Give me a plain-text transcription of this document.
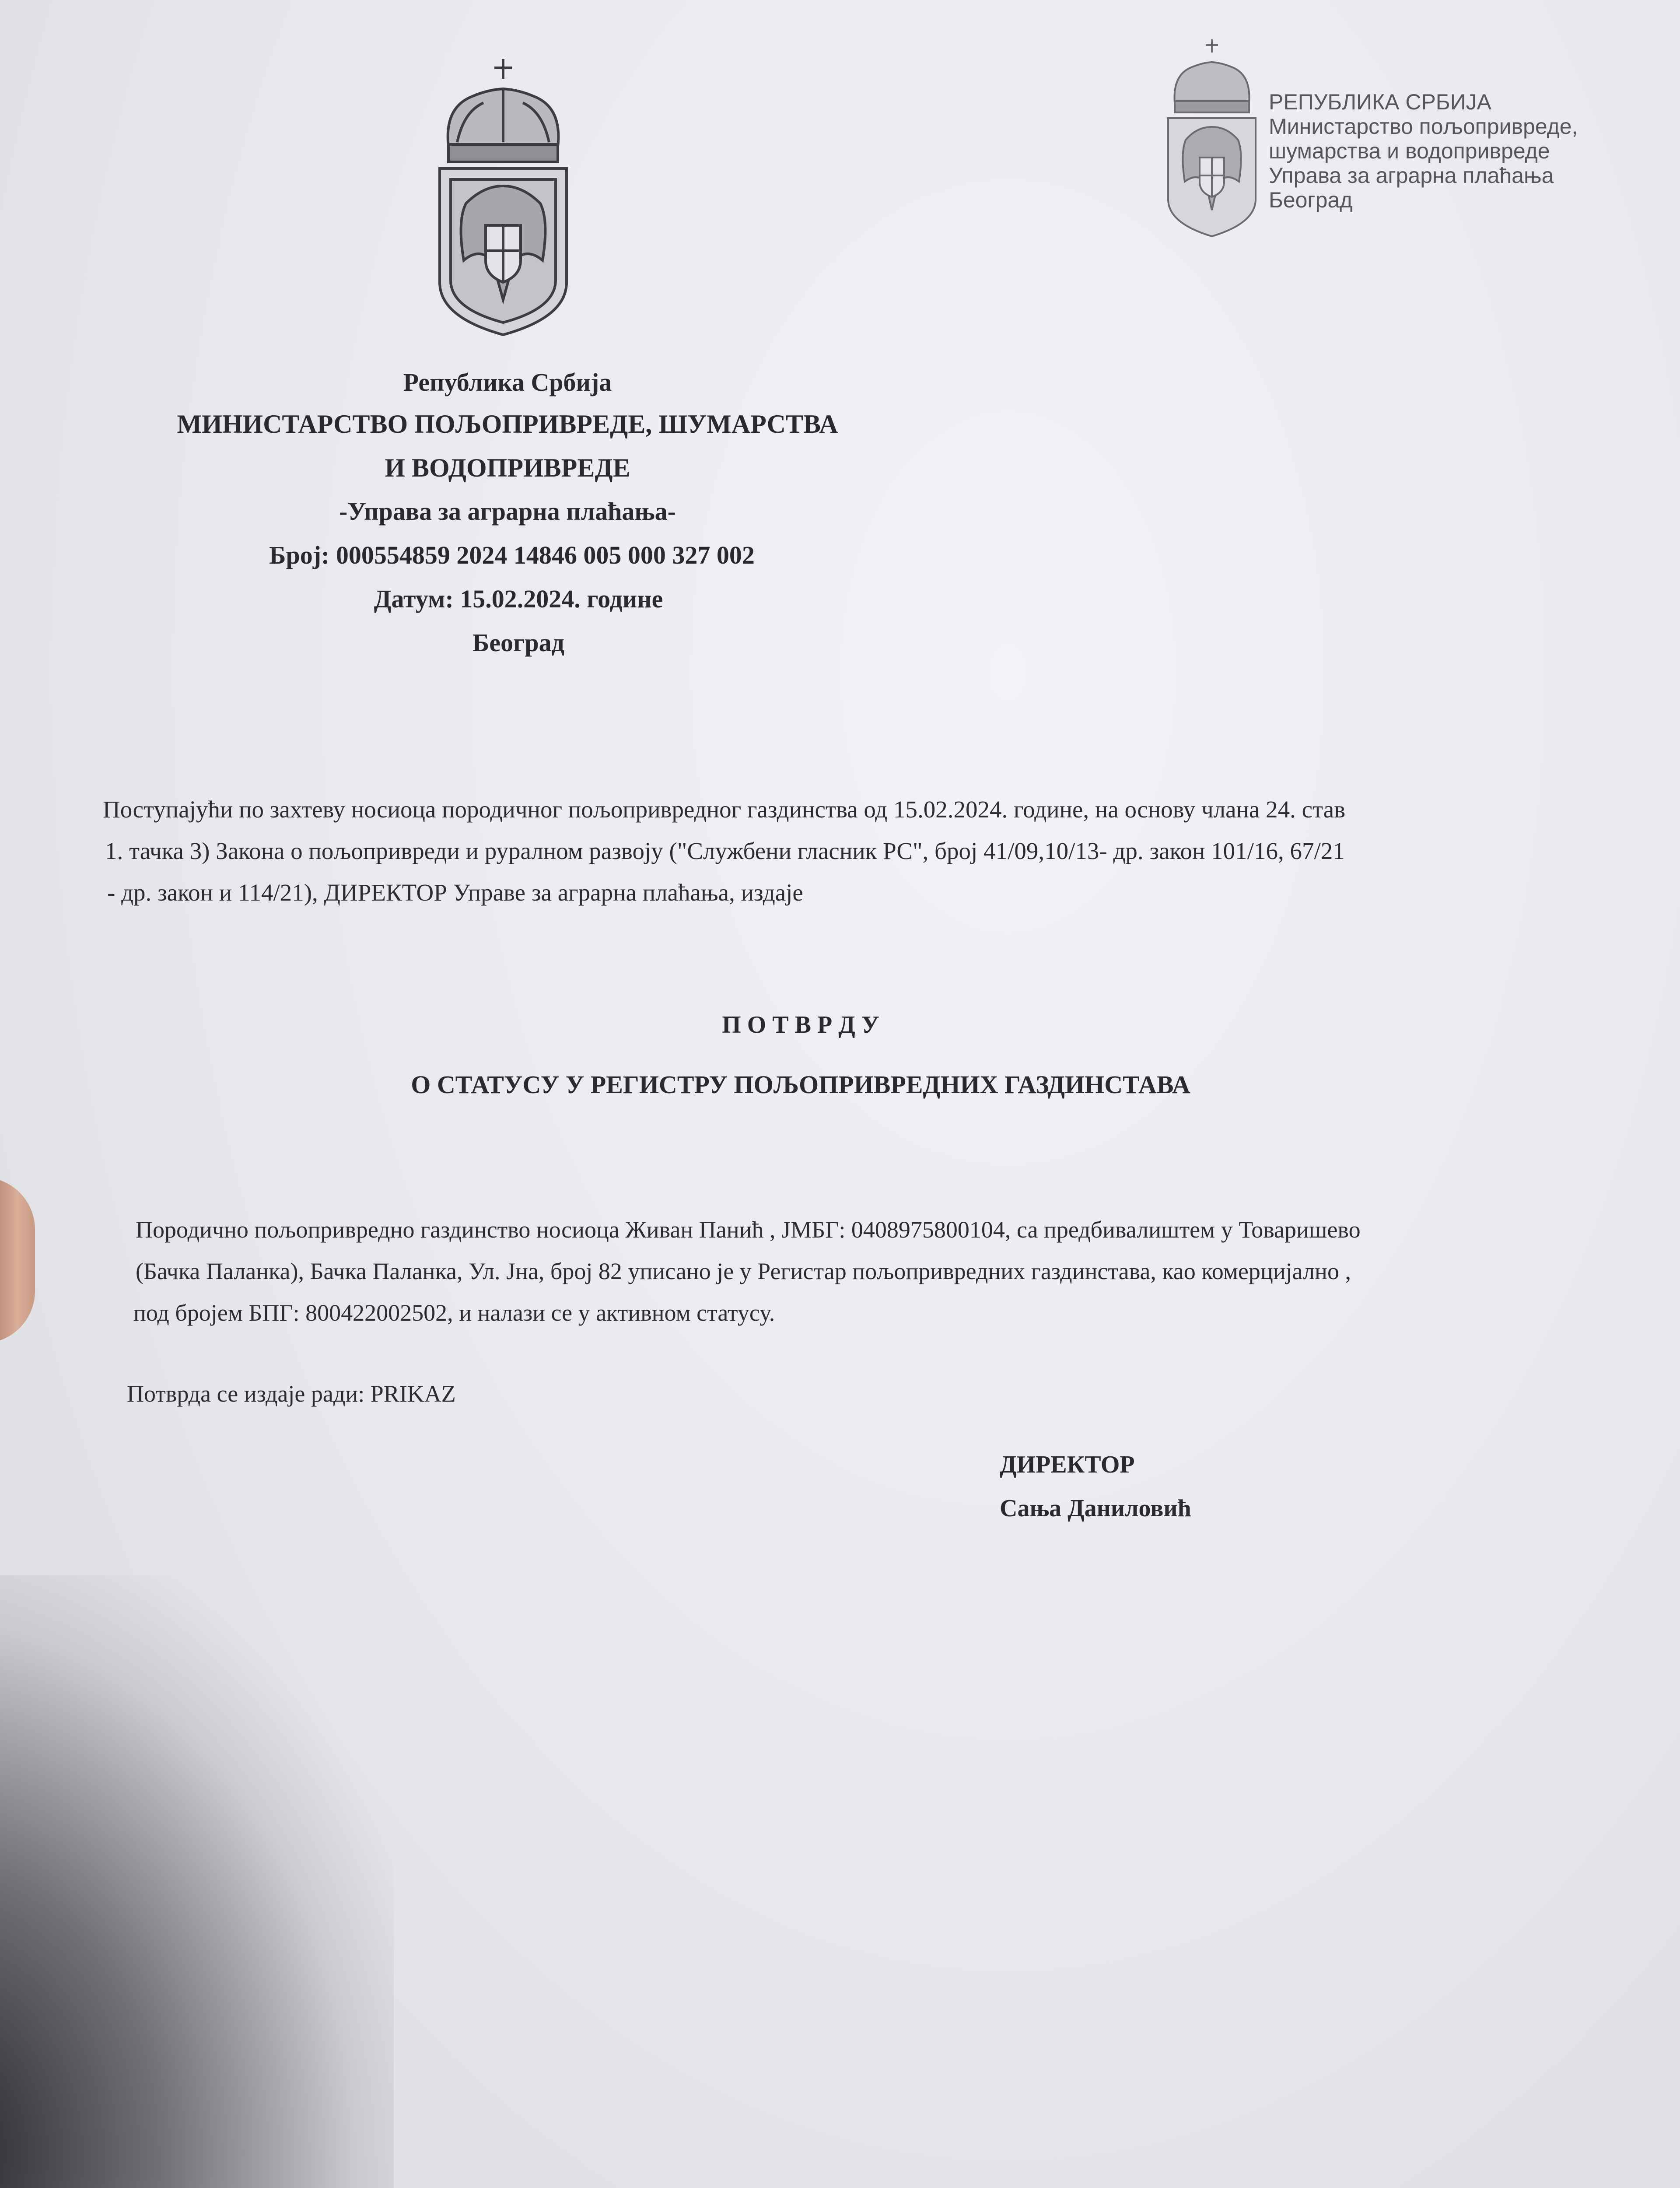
Република Србија
МИНИСТАРСТВО ПОЉОПРИВРЕДЕ, ШУМАРСТВА
И ВОДОПРИВРЕДЕ
-Управа за аграрна плаћања-
Број: 000554859 2024 14846 005 000 327 002
Датум: 15.02.2024. године
Београд
РЕПУБЛИКА СРБИЈА
Министарство пољопривреде,
шумарства и водопривреде
Управа за аграрна плаћања
Београд
Поступајући по захтеву носиоца породичног пољопривредног газдинства од 15.02.2024. године, на основу члана 24. став
1. тачка 3) Закона о пољопривреди и руралном развоју ("Службени гласник РС", број 41/09,10/13- др. закон 101/16, 67/21
- др. закон и 114/21), ДИРЕКТОР Управе за аграрна плаћања, издаје
П О Т В Р Д У
О СТАТУСУ У РЕГИСТРУ ПОЉОПРИВРЕДНИХ ГАЗДИНСТАВА
Породично пољопривредно газдинство носиоца Живан Панић , ЈМБГ: 0408975800104, са предбивалиштем у Товаришево
(Бачка Паланка), Бачка Паланка, Ул. Јна, број 82 уписано је у Регистар пољопривредних газдинстава, као комерцијално ,
под бројем БПГ: 800422002502, и налази се у активном статусу.
Потврда се издаје ради: PRIKAZ
ДИРЕКТОР
Сања Даниловић
